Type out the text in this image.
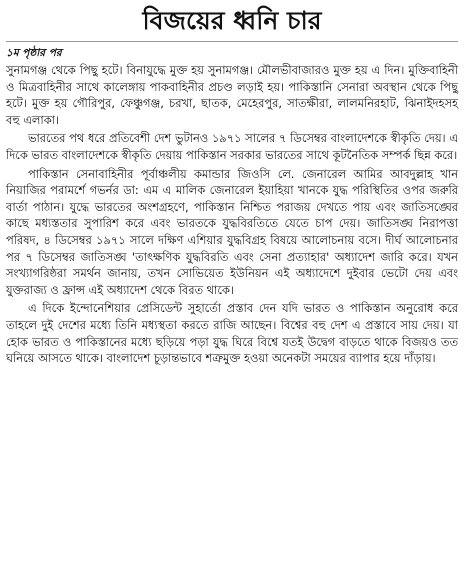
বিজয়ের ধ্বনি চার
১ম পৃষ্ঠার পর

সুনামগঞ্জ থেকে পিছু হটে। বিনাযুদ্ধে মুক্ত হয় সুনামগঞ্জ। মৌলভীবাজারও মুক্ত হয় এ দিন। মুক্তিবাহিনী ও মিত্রবাহিনীর সাথে কালেঙ্গায় পাকবাহিনীর প্রচণ্ড লড়াই হয়। পাকিস্তানি সেনারা অবস্থান থেকে পিছু হটে। মুক্ত হয় গৌরিপুর, ফেঞ্চুগঞ্জ, চরখা, ছাতক, মেহেরপুর, সাতক্ষীরা, লালমনিরহাট, ঝিনাইদহসহ বহু এলাকা।

ভারতের পথ ধরে প্রতিবেশী দেশ ভুটানও ১৯৭১ সালের ৭ ডিসেম্বর বাংলাদেশকে স্বীকৃতি দেয়। এ দিকে ভারত বাংলাদেশকে স্বীকৃতি দেয়ায় পাকিস্তান সরকার ভারতের সাথে কূটনৈতিক সম্পর্ক ছিন্ন করে।

পাকিস্তান সেনাবাহিনীর পূর্বাঞ্চলীয় কমান্ডার জিওসি লে. জেনারেল আমির আবদুল্লাহ খান নিয়াজির পরামর্শে গভর্নর ডা: এম এ মালিক জেনারেল ইয়াহিয়া খানকে যুদ্ধ পরিস্থিতির ওপর জরুরি বার্তা পাঠান। যুদ্ধে ভারতের অংশগ্রহণে, পাকিস্তান নিশ্চিত পরাজয় দেখতে পায় এবং জাতিসঙ্ঘের কাছে মধ্যস্ততার সুপারিশ করে এবং ভারতকে যুদ্ধবিরতিতে যেতে চাপ দেয়। জাতিসঙ্ঘ নিরাপত্তা পরিষদ, ৪ ডিসেম্বর ১৯৭১ সালে দক্ষিণ এশিয়ার যুদ্ধবিগ্রহ বিষয়ে আলোচনায় বসে। দীর্ঘ আলোচনার পর ৭ ডিসেম্বর জাতিসঙ্ঘ 'তাৎক্ষণিক যুদ্ধবিরতি এবং সেনা প্রত্যাহার' অধ্যাদেশ জারি করে। যখন সংখ্যাগরিষ্ঠরা সমর্থন জানায়, তখন সোভিয়েত ইউনিয়ন এই অধ্যাদেশে দুইবার ভেটো দেয় এবং যুক্তরাজ্য ও ফ্রান্স এই অধ্যাদেশ থেকে বিরত থাকে।

এ দিকে ইন্দোনেশিয়ার প্রেসিডেন্ট সুহার্তো প্রস্তাব দেন যদি ভারত ও পাকিস্তান অনুরোধ করে তাহলে দুই দেশের মধ্যে তিনি মধ্যস্থতা করতে রাজি আছেন। বিশ্বের বহু দেশ এ প্রস্তাবে সায় দেয়। যা হোক ভারত ও পাকিস্তানের মধ্যে ছড়িয়ে পড়া যুদ্ধ ঘিরে বিশ্বে যতই উদ্বেগ বাড়তে থাকে বিজয়ও তত ঘনিয়ে আসতে থাকে। বাংলাদেশ চূড়ান্তভাবে শত্রুমুক্ত হওয়া অনেকটা সময়ের ব্যাপার হয়ে দাঁড়ায়।
